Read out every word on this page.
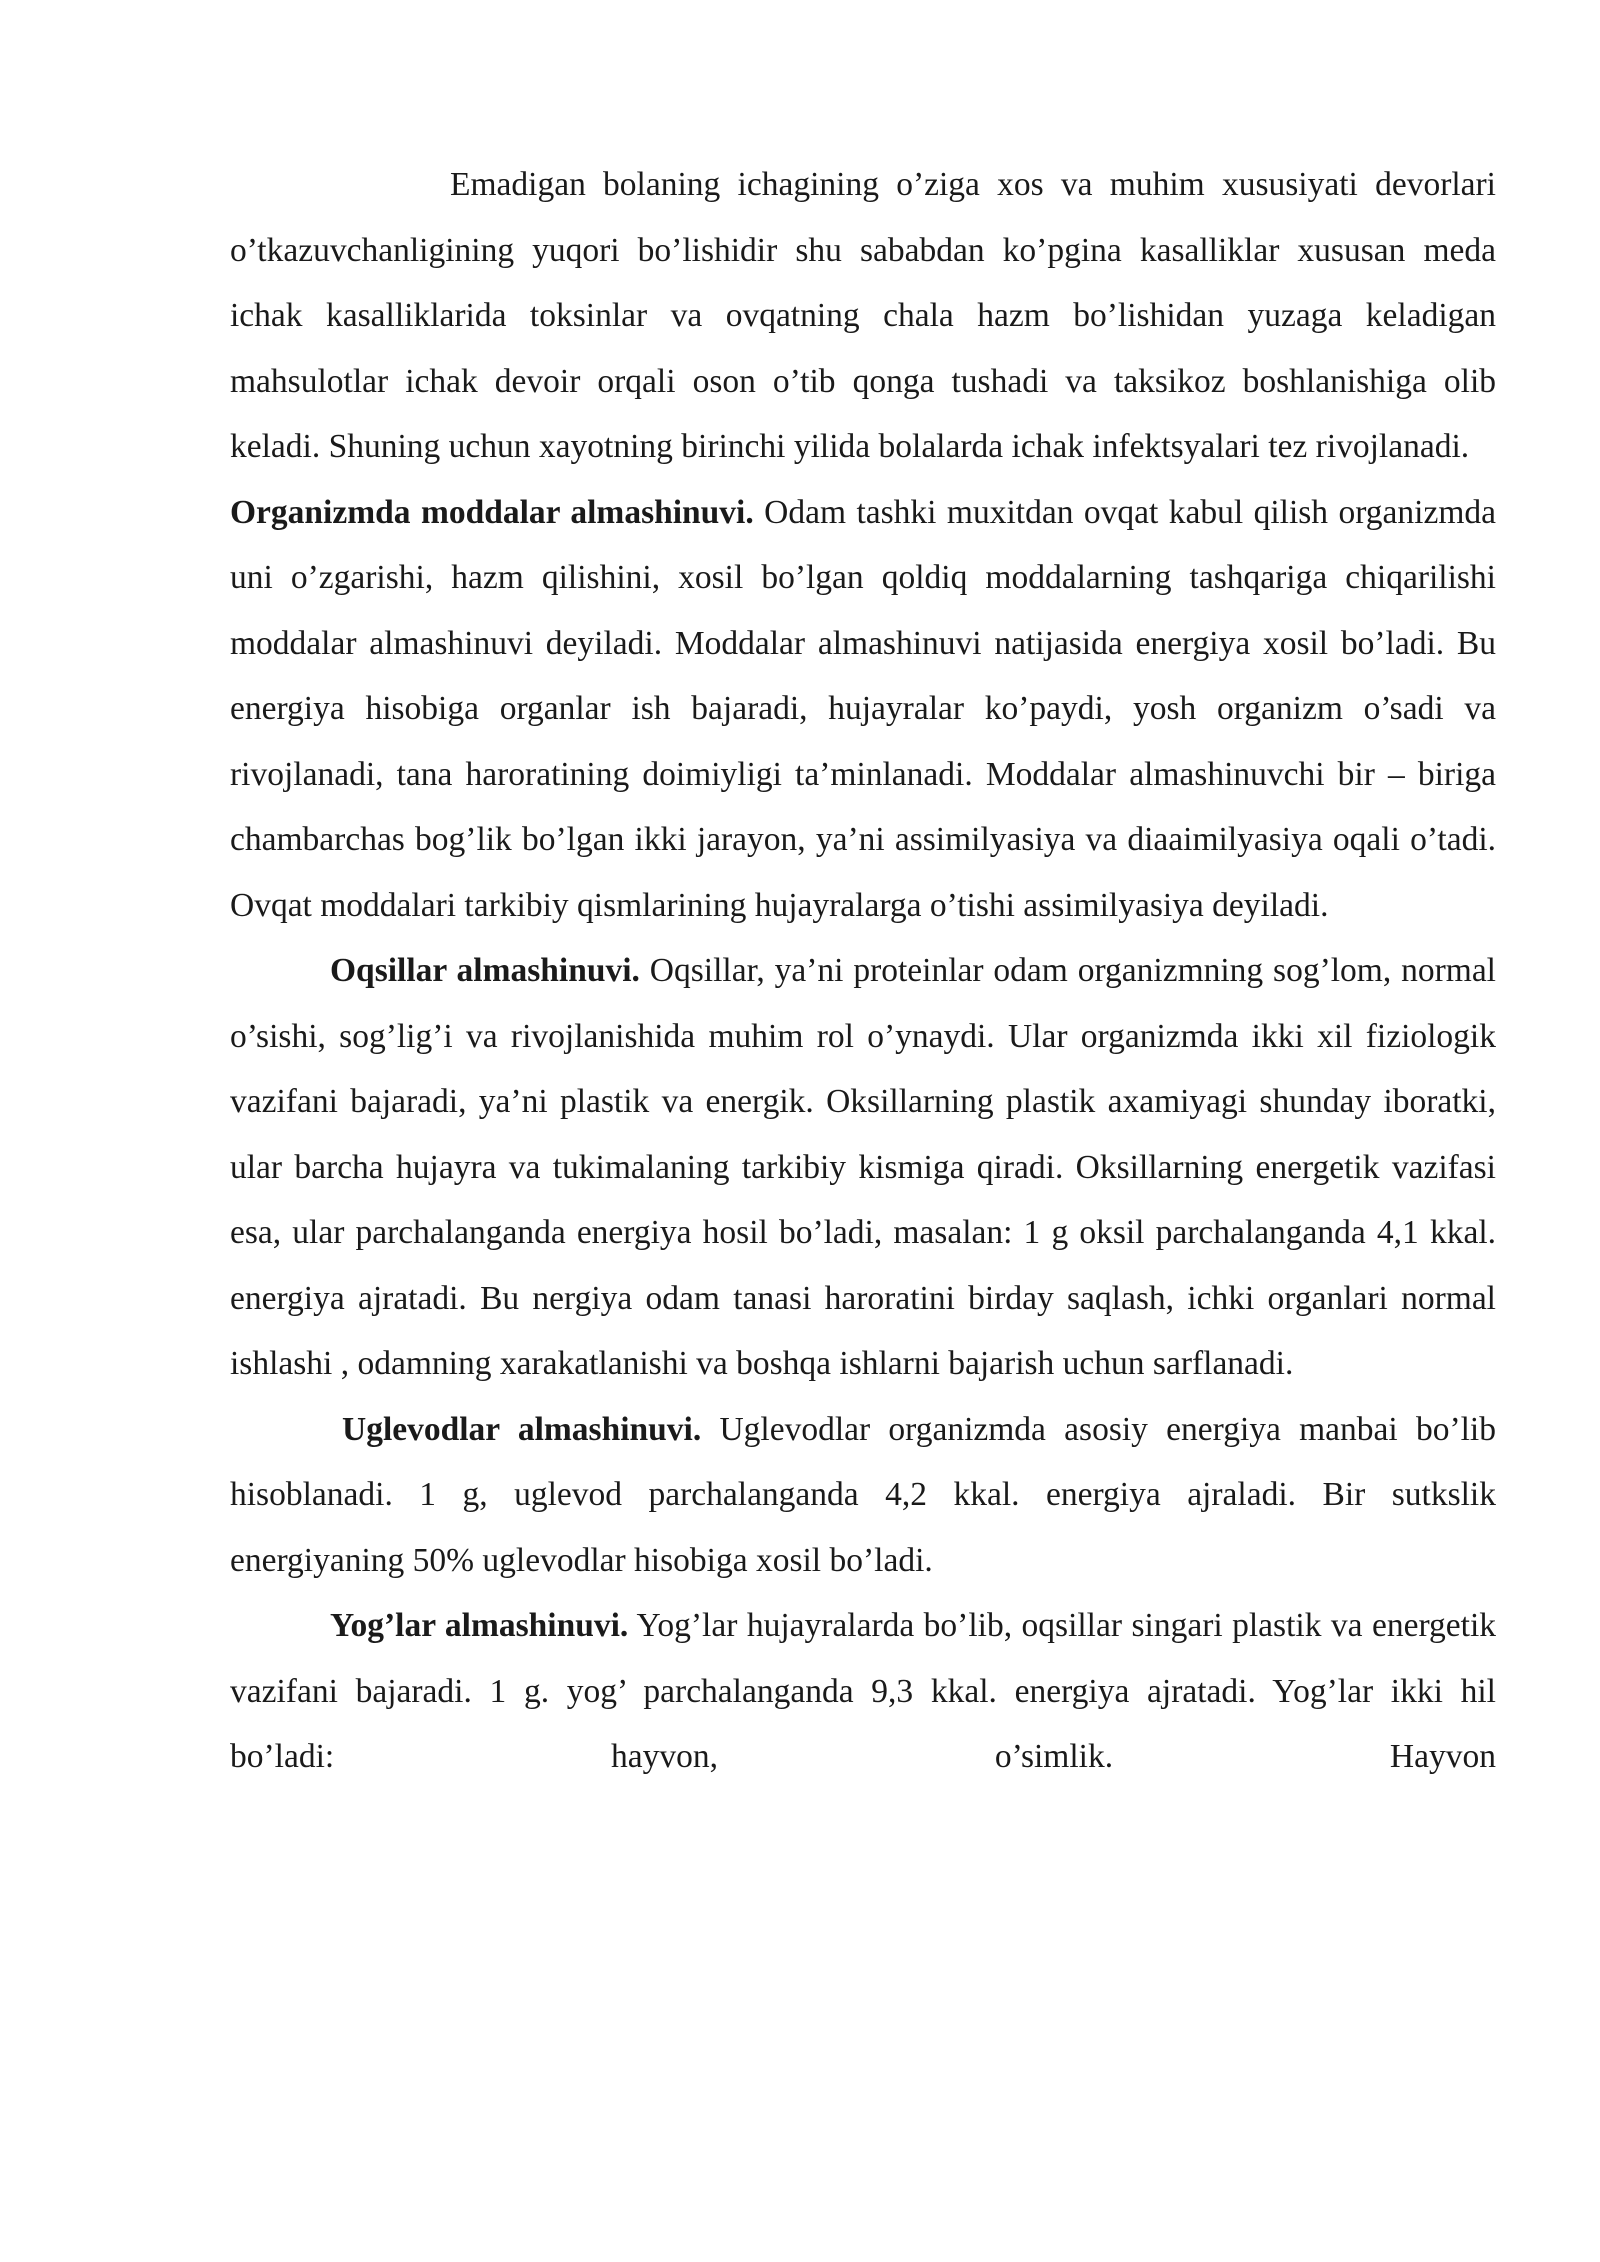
Emadigan bolaning ichagining o’ziga xos va muhim xususiyati devorlari o’tkazuvchanligining yuqori bo’lishidir shu sababdan ko’pgina kasalliklar xususan meda ichak kasalliklarida toksinlar va ovqatning chala hazm bo’lishidan yuzaga keladigan mahsulotlar ichak devoir orqali oson o’tib qonga tushadi va taksikoz boshlanishiga olib keladi. Shuning uchun xayotning birinchi yilida bolalarda ichak infektsyalari tez rivojlanadi.

Organizmda moddalar almashinuvi. Odam tashki muxitdan ovqat kabul qilish organizmda uni o’zgarishi, hazm qilishini, xosil bo’lgan qoldiq moddalarning tashqariga chiqarilishi moddalar almashinuvi deyiladi. Moddalar almashinuvi natijasida energiya xosil bo’ladi. Bu energiya hisobiga organlar ish bajaradi, hujayralar ko’paydi, yosh organizm o’sadi va rivojlanadi, tana haroratining doimiyligi ta’minlanadi. Moddalar almashinuvchi bir – biriga chambarchas bog’lik bo’lgan ikki jarayon, ya’ni assimilyasiya va diaaimilyasiya oqali o’tadi. Ovqat moddalari tarkibiy qismlarining hujayralarga o’tishi assimilyasiya deyiladi.

Oqsillar almashinuvi. Oqsillar, ya’ni proteinlar odam organizmning sog’lom, normal o’sishi, sog’lig’i va rivojlanishida muhim rol o’ynaydi. Ular organizmda ikki xil fiziologik vazifani bajaradi, ya’ni plastik va energik. Oksillarning plastik axamiyagi shunday iboratki, ular barcha hujayra va tukimalaning tarkibiy kismiga qiradi. Oksillarning energetik vazifasi esa, ular parchalanganda energiya hosil bo’ladi, masalan: 1 g oksil parchalanganda 4,1 kkal. energiya ajratadi. Bu nergiya odam tanasi haroratini birday saqlash, ichki organlari normal ishlashi , odamning xarakatlanishi va boshqa ishlarni bajarish uchun sarflanadi.

Uglevodlar almashinuvi. Uglevodlar organizmda asosiy energiya manbai bo’lib hisoblanadi. 1 g, uglevod parchalanganda 4,2 kkal. energiya ajraladi. Bir sutkslik energiyaning 50% uglevodlar hisobiga xosil bo’ladi.

Yog’lar almashinuvi. Yog’lar hujayralarda bo’lib, oqsillar singari plastik va energetik vazifani bajaradi. 1 g. yog’ parchalanganda 9,3 kkal. energiya ajratadi. Yog’lar ikki hil bo’ladi: hayvon, o’simlik. Hayvon
